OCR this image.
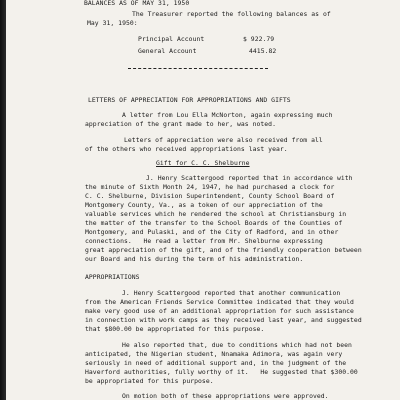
BALANCES AS OF MAY 31, 1950
The Treasurer reported the following balances as of
May 31, 1950:
Principal Account	$ 922.79
General Account	4415.82
LETTERS OF APPRECIATION FOR APPROPRIATIONS AND GIFTS
A letter from Lou Ella McNorton, again expressing much
appreciation of the grant made to her, was noted.
Letters of appreciation were also received from all
of the others who received appropriations last year.
Gift for C. C. Shelburne
J. Henry Scattergood reported that in accordance with
the minute of Sixth Month 24, 1947, he had purchased a clock for
C. C. Shelburne, Division Superintendent, County School Board of
Montgomery County, Va., as a token of our appreciation of the
valuable services which he rendered the school at Christiansburg in
the matter of the transfer to the School Boards of the Counties of
Montgomery, and Pulaski, and of the City of Radford, and in other
connections.   He read a letter from Mr. Shelburne expressing
great appreciation of the gift, and of the friendly cooperation between
our Board and his during the term of his administration.
APPROPRIATIONS
J. Henry Scattergood reported that another communication
from the American Friends Service Committee indicated that they would
make very good use of an additional appropriation for such assistance
in connection with work camps as they received last year, and suggested
that $800.00 be appropriated for this purpose.
He also reported that, due to conditions which had not been
anticipated, the Nigerian student, Nnamaka Adimora, was again very
seriously in need of additional support and, in the judgment of the
Haverford authorities, fully worthy of it.   He suggested that $300.00
be appropriated for this purpose.
On motion both of these appropriations were approved.
